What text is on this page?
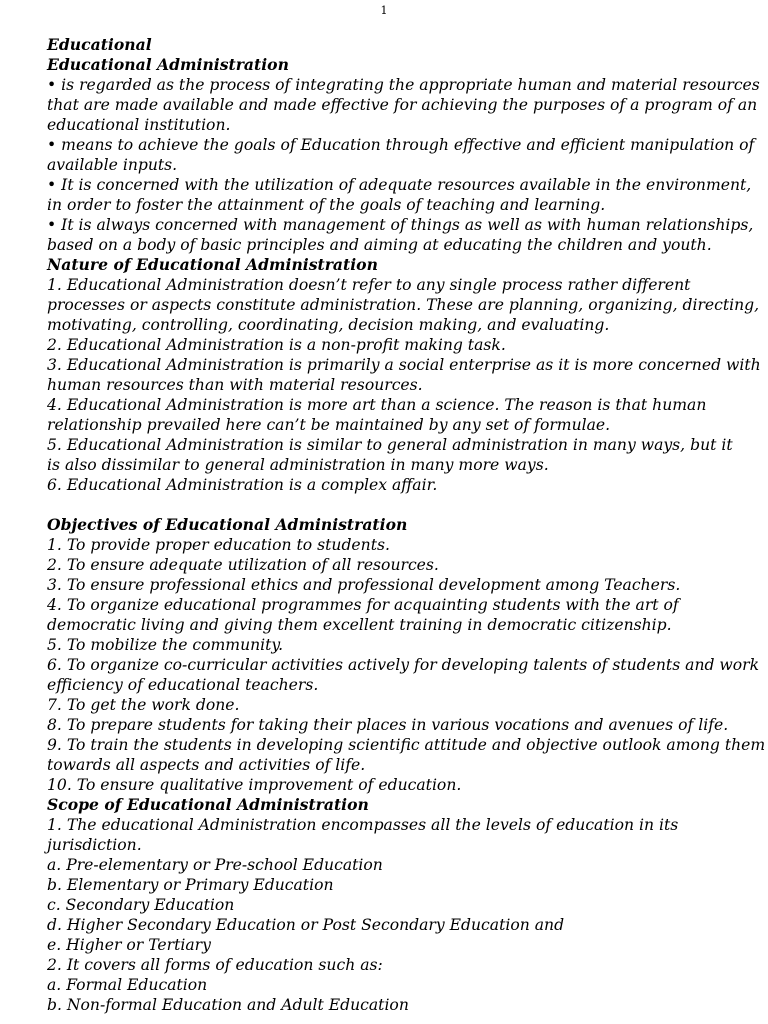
1
Educational
Educational Administration
• is regarded as the process of integrating the appropriate human and material resources
that are made available and made effective for achieving the purposes of a program of an
educational institution.
• means to achieve the goals of Education through effective and efficient manipulation of
available inputs.
• It is concerned with the utilization of adequate resources available in the environment,
in order to foster the attainment of the goals of teaching and learning.
• It is always concerned with management of things as well as with human relationships,
based on a body of basic principles and aiming at educating the children and youth.
Nature of Educational Administration
1. Educational Administration doesn’t refer to any single process rather different
processes or aspects constitute administration. These are planning, organizing, directing,
motivating, controlling, coordinating, decision making, and evaluating.
2. Educational Administration is a non-profit making task.
3. Educational Administration is primarily a social enterprise as it is more concerned with
human resources than with material resources.
4. Educational Administration is more art than a science. The reason is that human
relationship prevailed here can’t be maintained by any set of formulae.
5. Educational Administration is similar to general administration in many ways, but it
is also dissimilar to general administration in many more ways.
6. Educational Administration is a complex affair.
Objectives of Educational Administration
1. To provide proper education to students.
2. To ensure adequate utilization of all resources.
3. To ensure professional ethics and professional development among Teachers.
4. To organize educational programmes for acquainting students with the art of
democratic living and giving them excellent training in democratic citizenship.
5. To mobilize the community.
6. To organize co-curricular activities actively for developing talents of students and work
efficiency of educational teachers.
7. To get the work done.
8. To prepare students for taking their places in various vocations and avenues of life.
9. To train the students in developing scientific attitude and objective outlook among them
towards all aspects and activities of life.
10. To ensure qualitative improvement of education.
Scope of Educational Administration
1. The educational Administration encompasses all the levels of education in its
jurisdiction.
a. Pre-elementary or Pre-school Education
b. Elementary or Primary Education
c. Secondary Education
d. Higher Secondary Education or Post Secondary Education and
e. Higher or Tertiary
2. It covers all forms of education such as:
a. Formal Education
b. Non-formal Education and Adult Education
